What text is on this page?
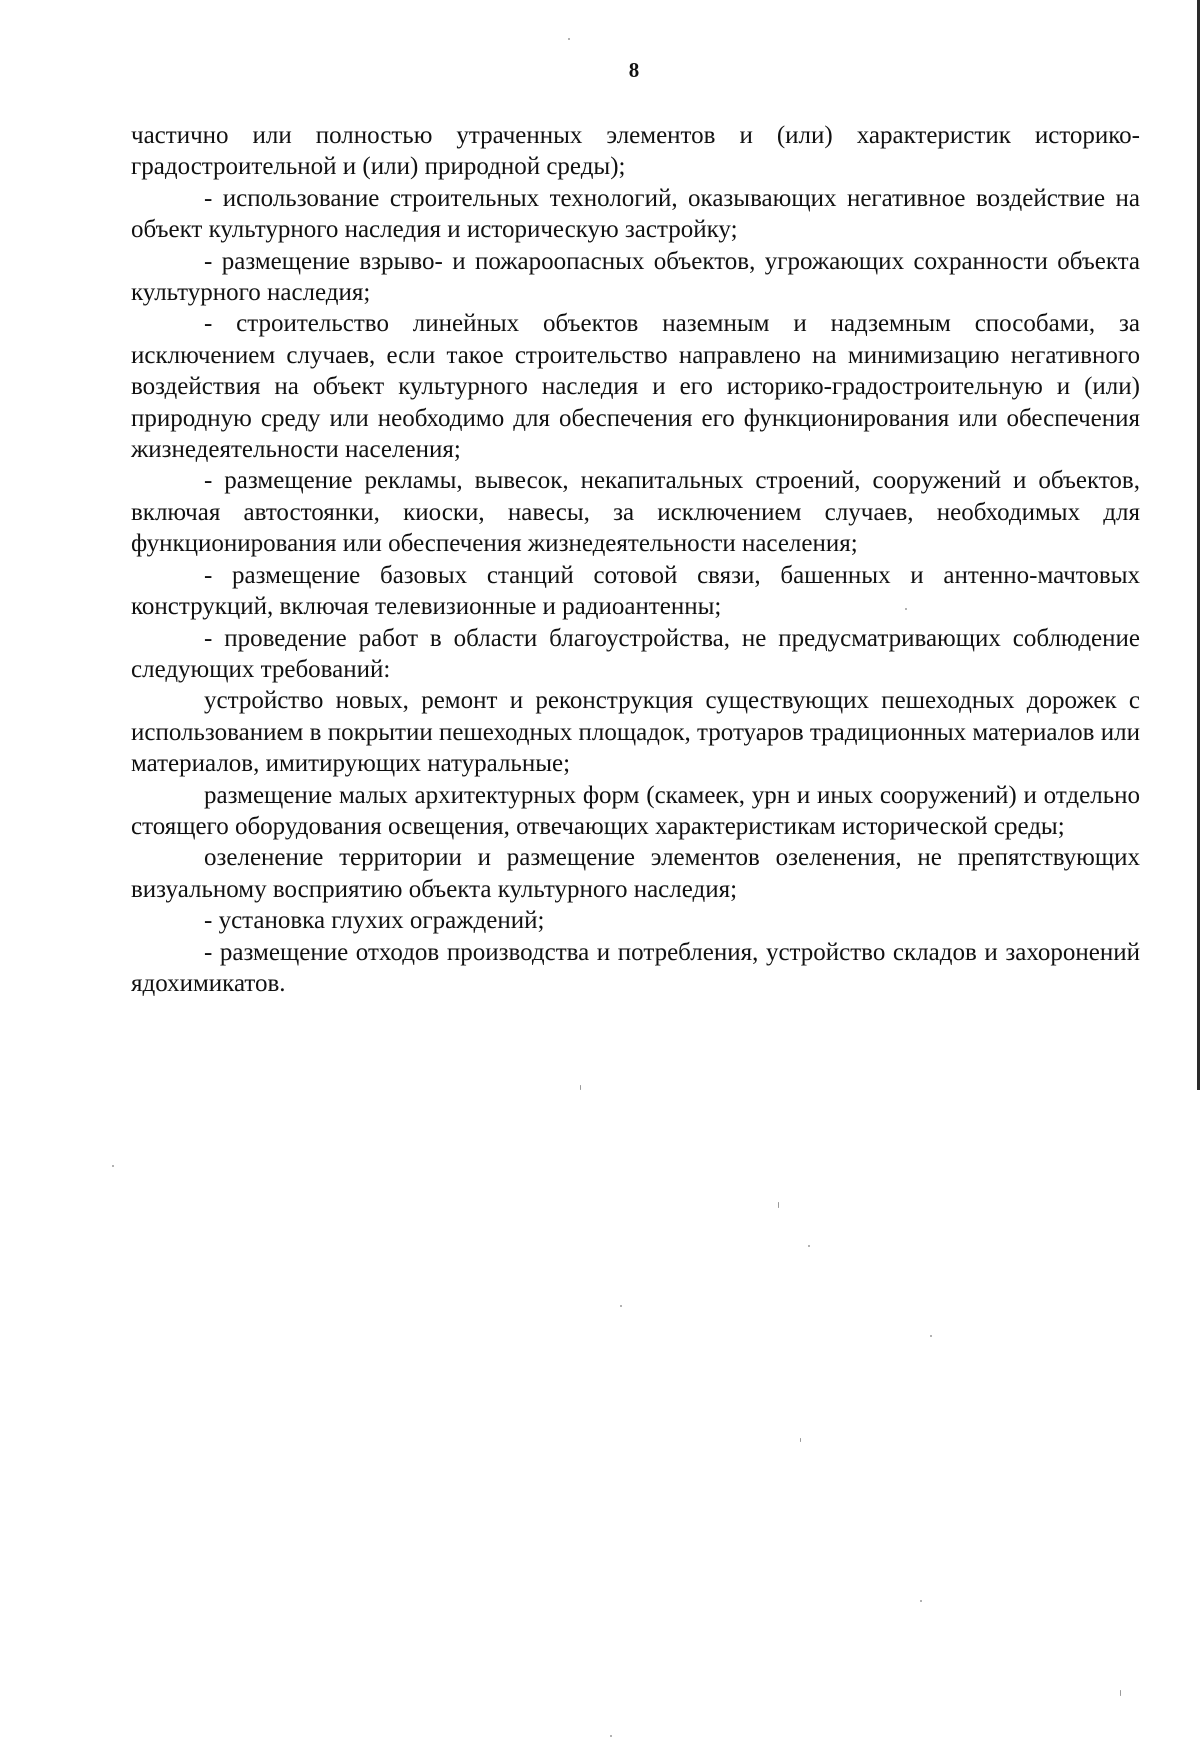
8

частично или полностью утраченных элементов и (или) характеристик историко-градостроительной и (или) природной среды);

- использование строительных технологий, оказывающих негативное воздействие на объект культурного наследия и историческую застройку;

- размещение взрыво- и пожароопасных объектов, угрожающих сохранности объекта культурного наследия;

- строительство линейных объектов наземным и надземным способами, за исключением случаев, если такое строительство направлено на минимизацию негативного воздействия на объект культурного наследия и его историко-градостроительную и (или) природную среду или необходимо для обеспечения его функционирования или обеспечения жизнедеятельности населения;

- размещение рекламы, вывесок, некапитальных строений, сооружений и объектов, включая автостоянки, киоски, навесы, за исключением случаев, необходимых для функционирования или обеспечения жизнедеятельности населения;

- размещение базовых станций сотовой связи, башенных и антенно-мачтовых конструкций, включая телевизионные и радиоантенны;

- проведение работ в области благоустройства, не предусматривающих соблюдение следующих требований:

устройство новых, ремонт и реконструкция существующих пешеходных дорожек с использованием в покрытии пешеходных площадок, тротуаров традиционных материалов или материалов, имитирующих натуральные;

размещение малых архитектурных форм (скамеек, урн и иных сооружений) и отдельно стоящего оборудования освещения, отвечающих характеристикам исторической среды;

озеленение территории и размещение элементов озеленения, не препятствующих визуальному восприятию объекта культурного наследия;

- установка глухих ограждений;

- размещение отходов производства и потребления, устройство складов и захоронений ядохимикатов.
